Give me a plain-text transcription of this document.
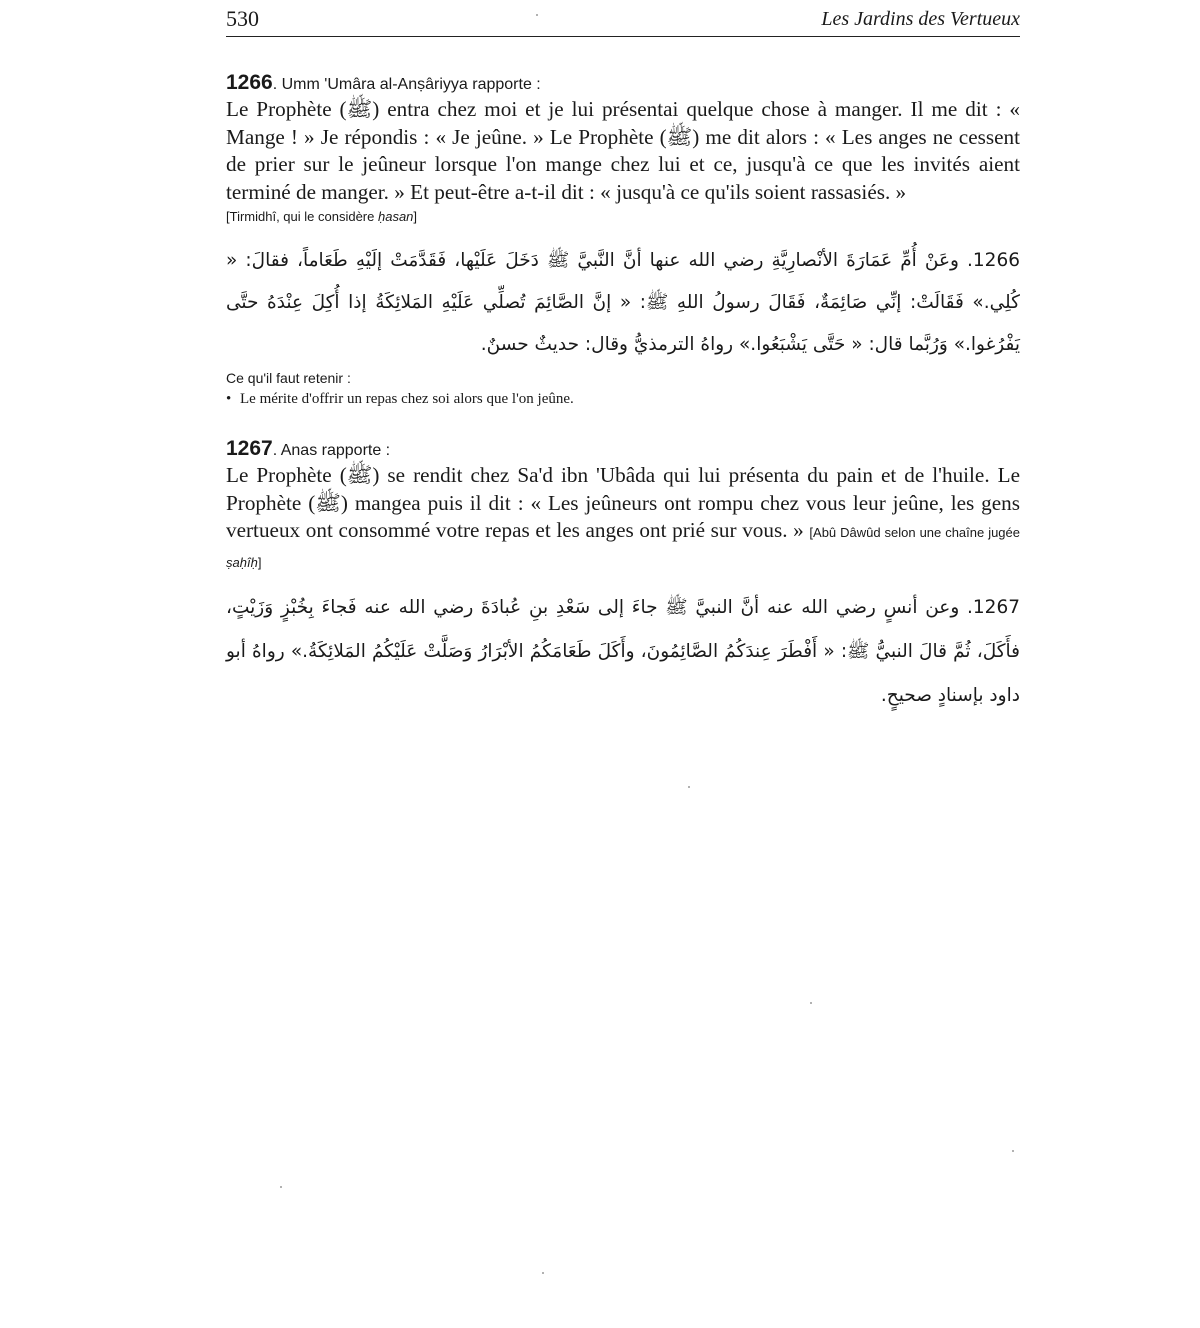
530	Les Jardins des Vertueux
1266. Umm 'Umâra al-Anṣâriyya rapporte :
Le Prophète (ﷺ) entra chez moi et je lui présentai quelque chose à manger. Il me dit : « Mange ! » Je répondis : « Je jeûne. » Le Prophète (ﷺ) me dit alors : « Les anges ne cessent de prier sur le jeûneur lorsque l'on mange chez lui et ce, jusqu'à ce que les invités aient terminé de manger. » Et peut-être a-t-il dit : « jusqu'à ce qu'ils soient rassasiés. »
[Tirmidhî, qui le considère ḥasan]
1266. وعَنْ أُمِّ عَمَارَةَ الأنْصارِيَّةِ رضي الله عنها أنَّ النَّبيَّ ﷺ دَخَلَ عَلَيْها، فَقَدَّمَتْ إلَيْهِ طَعَاماً، فقالَ: « كُلِي.» فَقَالَتْ: إنِّي صَائِمَةٌ، فَقَالَ رسولُ اللهِ ﷺ: « إنَّ الصَّائِمَ تُصلِّي عَلَيْهِ المَلائِكَةُ إذا أُكِلَ عِنْدَهُ حتَّى يَفْرُغوا.» وَرُبَّما قال: « حَتَّى يَشْبَعُوا.» رواهُ الترمذيُّ وقال: حديثٌ حسنٌ.
Ce qu'il faut retenir :
• Le mérite d'offrir un repas chez soi alors que l'on jeûne.
1267. Anas rapporte :
Le Prophète (ﷺ) se rendit chez Sa'd ibn 'Ubâda qui lui présenta du pain et de l'huile. Le Prophète (ﷺ) mangea puis il dit : « Les jeûneurs ont rompu chez vous leur jeûne, les gens vertueux ont consommé votre repas et les anges ont prié sur vous. » [Abû Dâwûd selon une chaîne jugée ṣaḥîḥ]
1267. وعن أنسٍ رضي الله عنه أنَّ النبيَّ ﷺ جاءَ إلى سَعْدِ بنِ عُبادَةَ رضي الله عنه فَجاءَ بِخُبْزٍ وَزَيْتٍ، فأَكَلَ، ثُمَّ قالَ النبيُّ ﷺ: « أَفْطَرَ عِندَكُمُ الصَّائِمُونَ، وأَكَلَ طَعَامَكُمُ الأبْرَارُ وَصَلَّتْ عَلَيْكُمُ المَلائِكَةُ.» رواهُ أبو داود بإسنادٍ صحيحٍ.
